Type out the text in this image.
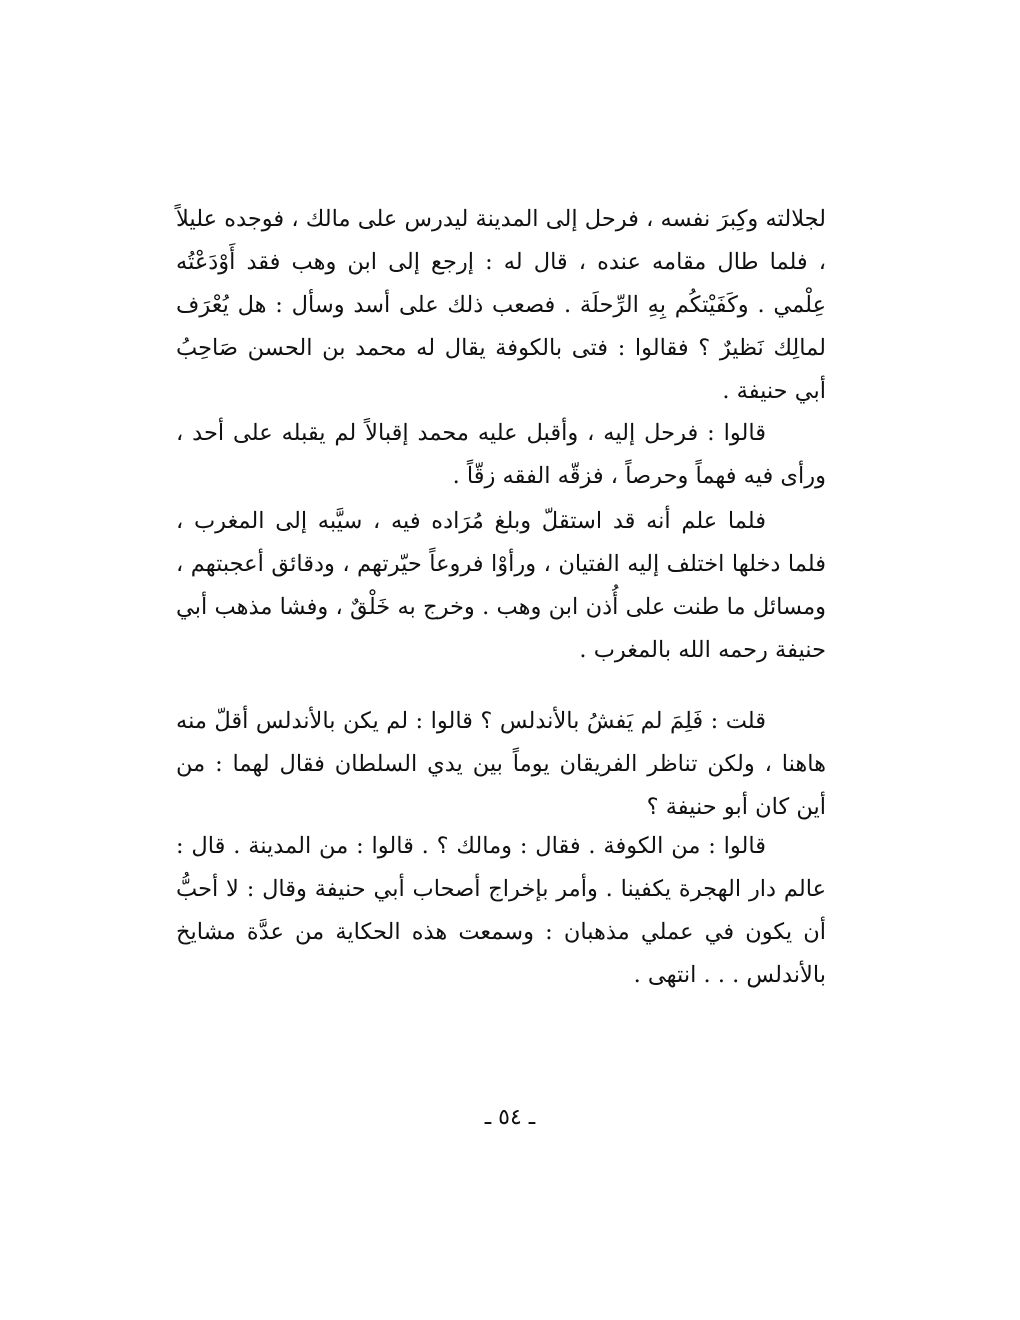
لجلالته وكِبرَ نفسه ، فرحل إلى المدينة ليدرس على مالك ، فوجده عليلاً ، فلما طال مقامه عنده ، قال له : إرجع إلى ابن وهب فقد أَوْدَعْتُه عِلْمي . وكَفَيْتكُم بِهِ الرِّحلَة . فصعب ذلك على أسد وسأل : هل يُعْرَف لمالِك نَظيرٌ ؟ فقالوا : فتى بالكوفة يقال له محمد بن الحسن صَاحِبُ أبي حنيفة .

قالوا : فرحل إليه ، وأقبل عليه محمد إقبالاً لم يقبله على أحد ، ورأى فيه فهماً وحرصاً ، فزقّه الفقه زقّاً .

فلما علم أنه قد استقلّ وبلغ مُرَاده فيه ، سيَّبه إلى المغرب ، فلما دخلها اختلف إليه الفتيان ، ورأوْا فروعاً حيّرتهم ، ودقائق أعجبتهم ، ومسائل ما طنت على أُذن ابن وهب . وخرج به خَلْقٌ ، وفشا مذهب أبي حنيفة رحمه الله بالمغرب .

قلت : فَلِمَ لم يَفشُ بالأندلس ؟ قالوا : لم يكن بالأندلس أقلّ منه هاهنا ، ولكن تناظر الفريقان يوماً بين يدي السلطان فقال لهما : من أين كان أبو حنيفة ؟

قالوا : من الكوفة . فقال : ومالك ؟ . قالوا : من المدينة . قال : عالم دار الهجرة يكفينا . وأمر بإخراج أصحاب أبي حنيفة وقال : لا أحبُّ أن يكون في عملي مذهبان : وسمعت هذه الحكاية من عدَّة مشايخ بالأندلس . . . انتهى .

ـ ٥٤ ـ
